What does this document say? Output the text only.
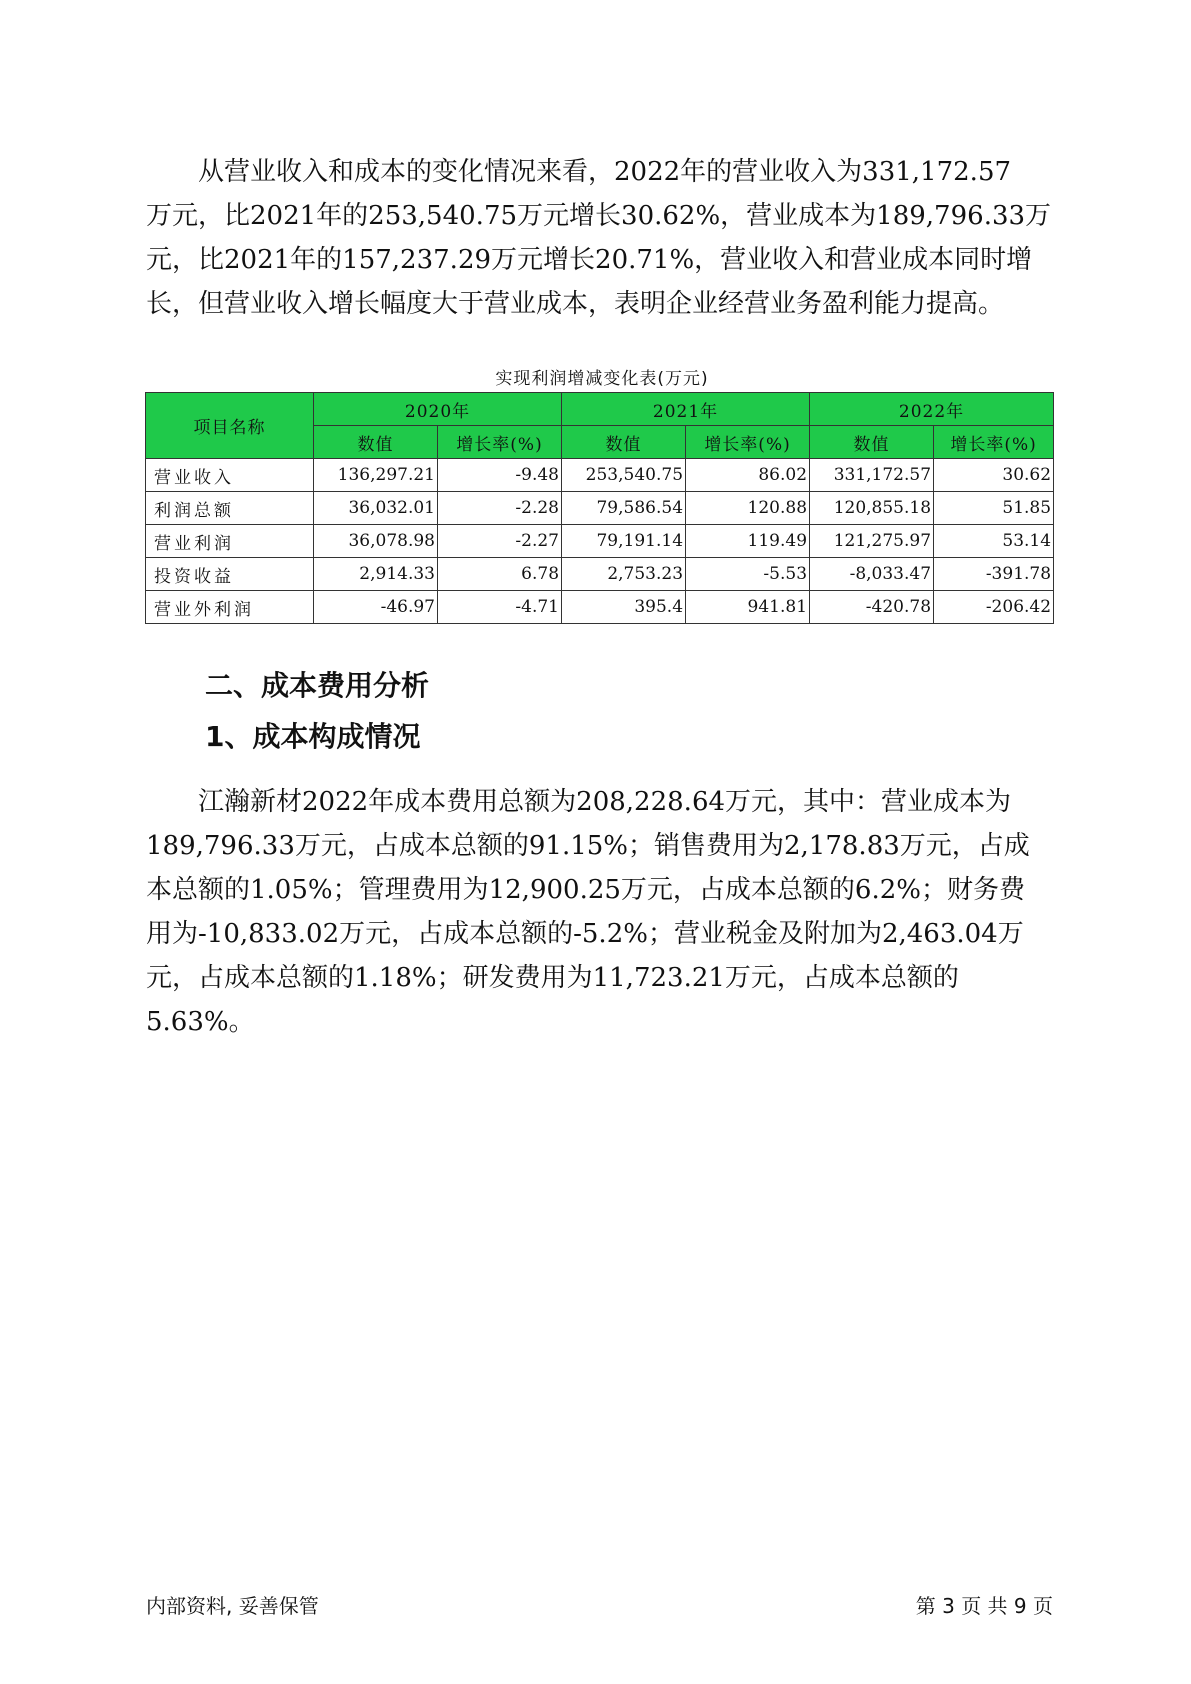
从营业收入和成本的变化情况来看，2022年的营业收入为331,172.57
万元，比2021年的253,540.75万元增长30.62%，营业成本为189,796.33万
元，比2021年的157,237.29万元增长20.71%，营业收入和营业成本同时增
长，但营业收入增长幅度大于营业成本，表明企业经营业务盈利能力提高。
实现利润增减变化表(万元)
项目名称	2020年		2021年		2022年	
	数值	增长率(%)	数值	增长率(%)	数值	增长率(%)
营业收入	136,297.21	-9.48	253,540.75	86.02	331,172.57	30.62
利润总额	36,032.01	-2.28	79,586.54	120.88	120,855.18	51.85
营业利润	36,078.98	-2.27	79,191.14	119.49	121,275.97	53.14
投资收益	2,914.33	6.78	2,753.23	-5.53	-8,033.47	-391.78
营业外利润	-46.97	-4.71	395.4	941.81	-420.78	-206.42
二、成本费用分析
1、成本构成情况
江瀚新材2022年成本费用总额为208,228.64万元，其中：营业成本为
189,796.33万元，占成本总额的91.15%；销售费用为2,178.83万元，占成
本总额的1.05%；管理费用为12,900.25万元，占成本总额的6.2%；财务费
用为-10,833.02万元，占成本总额的-5.2%；营业税金及附加为2,463.04万
元，占成本总额的1.18%；研发费用为11,723.21万元，占成本总额的
5.63%。
内部资料, 妥善保管	第 3 页 共 9 页
